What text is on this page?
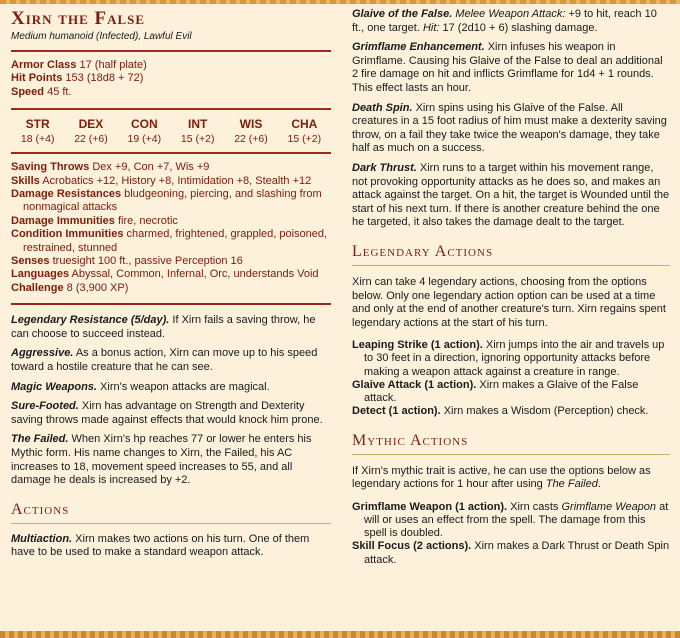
Xirn the False
Medium humanoid (Infected), Lawful Evil
Armor Class 17 (half plate)
Hit Points 153 (18d8 + 72)
Speed 45 ft.
STR
18 (+4)
DEX
22 (+6)
CON
19 (+4)
INT
15 (+2)
WIS
22 (+6)
CHA
15 (+2)
Saving Throws Dex +9, Con +7, Wis +9
Skills Acrobatics +12, History +8, Intimidation +8, Stealth +12
Damage Resistances bludgeoning, piercing, and slashing from nonmagical attacks
Damage Immunities fire, necrotic
Condition Immunities charmed, frightened, grappled, poisoned, restrained, stunned
Senses truesight 100 ft., passive Perception 16
Languages Abyssal, Common, Infernal, Orc, understands Void
Challenge 8 (3,900 XP)

Legendary Resistance (5/day). If Xirn fails a saving throw, he can choose to succeed instead.

Aggressive. As a bonus action, Xirn can move up to his speed toward a hostile creature that he can see.

Magic Weapons. Xirn's weapon attacks are magical.

Sure-Footed. Xirn has advantage on Strength and Dexterity saving throws made against effects that would knock him prone.

The Failed. When Xirn's hp reaches 77 or lower he enters his Mythic form. His name changes to Xirn, the Failed, his AC increases to 18, movement speed increases to 55, and all damage he deals is increased by +2.

Actions

Multiaction. Xirn makes two actions on his turn. One of them have to be used to make a standard weapon attack.

Glaive of the False. Melee Weapon Attack: +9 to hit, reach 10 ft., one target. Hit: 17 (2d10 + 6) slashing damage.

Grimflame Enhancement. Xirn infuses his weapon in Grimflame. Causing his Glaive of the False to deal an additional 2 fire damage on hit and inflicts Grimflame for 1d4 + 1 rounds. This effect lasts an hour.

Death Spin. Xirn spins using his Glaive of the False. All creatures in a 15 foot radius of him must make a dexterity saving throw, on a fail they take twice the weapon's damage, they take half as much on a success.

Dark Thrust. Xirn runs to a target within his movement range, not provoking opportunity attacks as he does so, and makes an attack against the target. On a hit, the target is Wounded until the start of his next turn. If there is another creature behind the one he targeted, it also takes the damage dealt to the target.

Legendary Actions

Xirn can take 4 legendary actions, choosing from the options below. Only one legendary action option can be used at a time and only at the end of another creature's turn. Xirn regains spent legendary actions at the start of his turn.

Leaping Strike (1 action). Xirn jumps into the air and travels up to 30 feet in a direction, ignoring opportunity attacks before making a weapon attack against a creature in range.
Glaive Attack (1 action). Xirn makes a Glaive of the False attack.
Detect (1 action). Xirn makes a Wisdom (Perception) check.
Mythic Actions

If Xirn's mythic trait is active, he can use the options below as legendary actions for 1 hour after using The Failed.

Grimflame Weapon (1 action). Xirn casts Grimflame Weapon at will or uses an effect from the spell. The damage from this spell is doubled.
Skill Focus (2 actions). Xirn makes a Dark Thrust or Death Spin attack.
